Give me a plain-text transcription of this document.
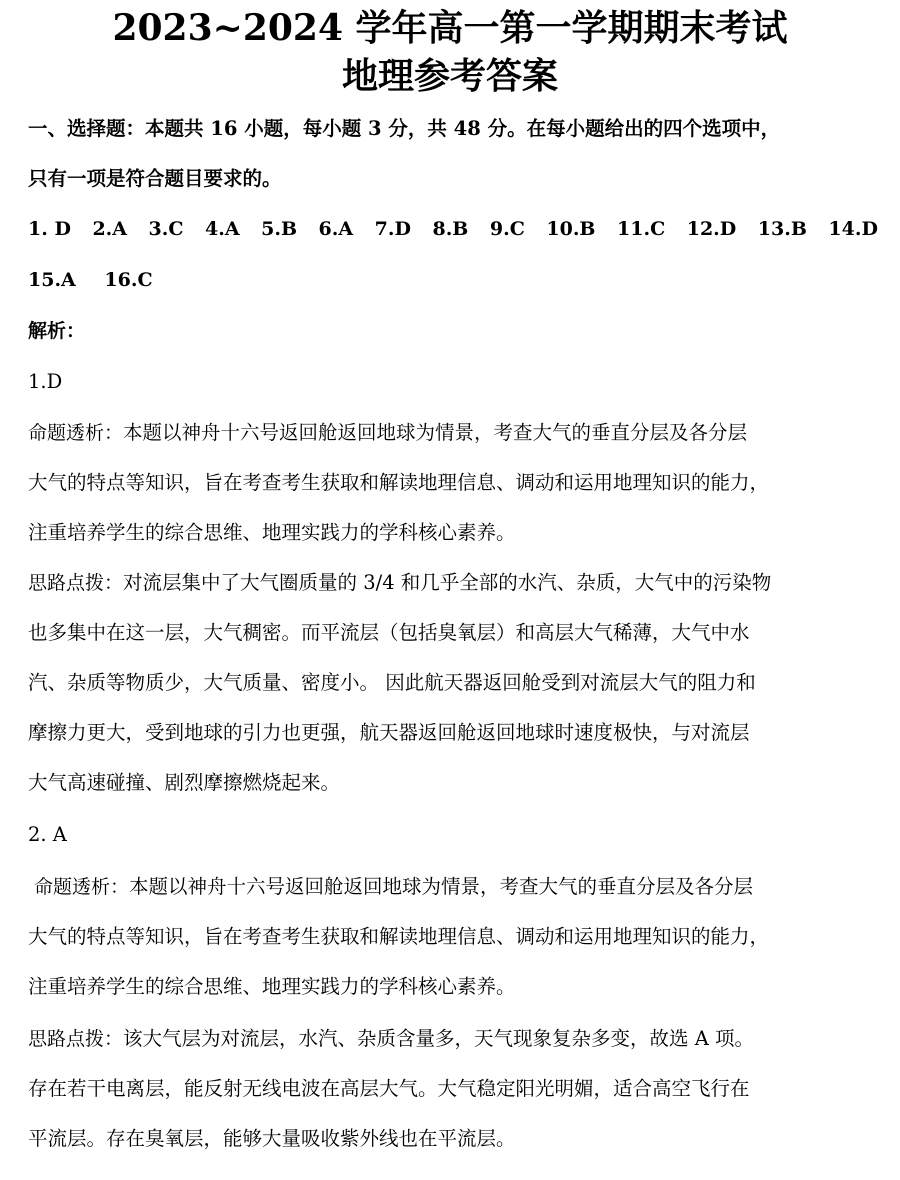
2023~2024 学年高一第一学期期末考试
地理参考答案
一、选择题：本题共 16 小题，每小题 3 分，共 48 分。在每小题给出的四个选项中，
只有一项是符合题目要求的。
1. D 2.A 3.C 4.A 5.B 6.A 7.D 8.B 9.C 10.B 11.C 12.D 13.B 14.D
15.A 16.C
解析：
1.D
命题透析：本题以神舟十六号返回舱返回地球为情景，考查大气的垂直分层及各分层
大气的特点等知识，旨在考查考生获取和解读地理信息、调动和运用地理知识的能力，
注重培养学生的综合思维、地理实践力的学科核心素养。
思路点拨：对流层集中了大气圈质量的 3/4 和几乎全部的水汽、杂质，大气中的污染物
也多集中在这一层，大气稠密。而平流层（包括臭氧层）和高层大气稀薄，大气中水
汽、杂质等物质少，大气质量、密度小。 因此航天器返回舱受到对流层大气的阻力和
摩擦力更大，受到地球的引力也更强，航天器返回舱返回地球时速度极快，与对流层
大气高速碰撞、剧烈摩擦燃烧起来。
2. A
命题透析：本题以神舟十六号返回舱返回地球为情景，考查大气的垂直分层及各分层
大气的特点等知识，旨在考查考生获取和解读地理信息、调动和运用地理知识的能力，
注重培养学生的综合思维、地理实践力的学科核心素养。
思路点拨：该大气层为对流层，水汽、杂质含量多，天气现象复杂多变，故选 A 项。
存在若干电离层，能反射无线电波在高层大气。大气稳定阳光明媚，适合高空飞行在
平流层。存在臭氧层，能够大量吸收紫外线也在平流层。
